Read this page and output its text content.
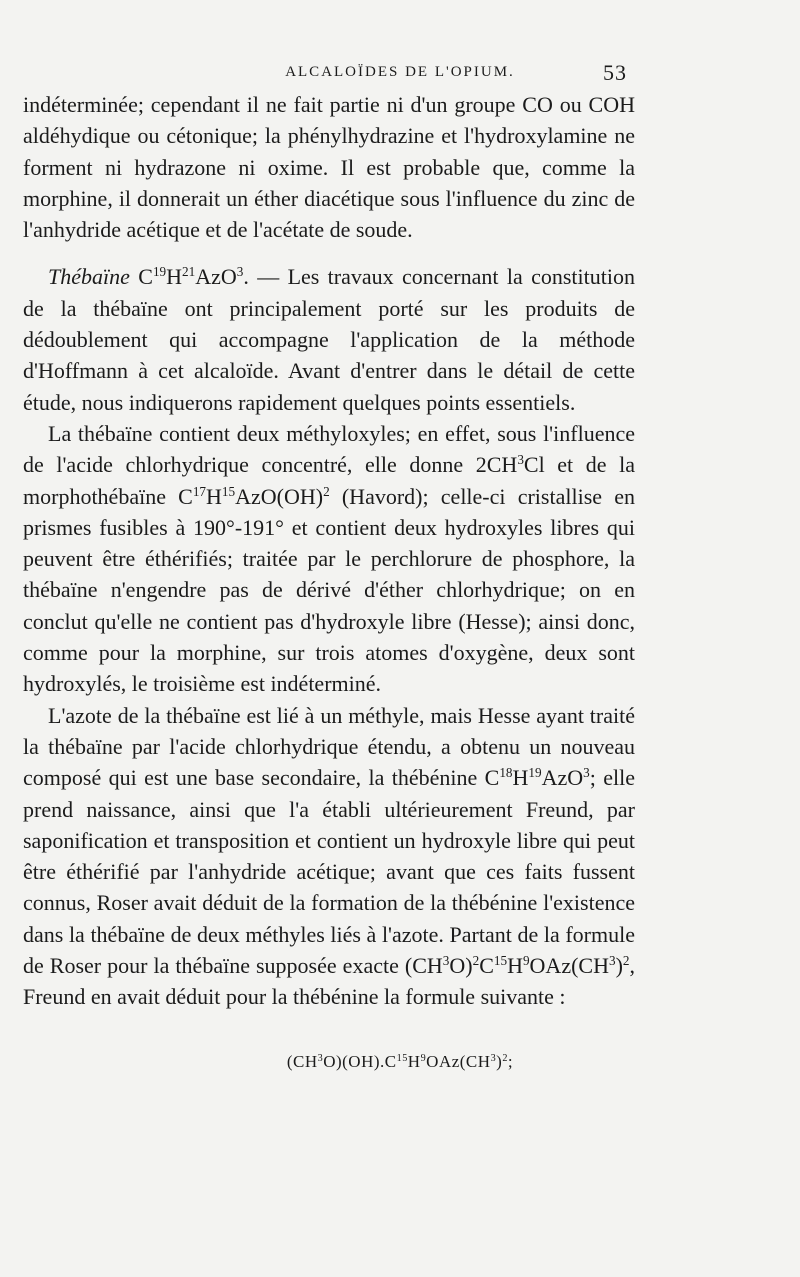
ALCALOÏDES DE L'OPIUM.	53

indéterminée; cependant il ne fait partie ni d'un groupe CO ou COH aldéhydique ou cétonique; la phénylhydrazine et l'hydroxylamine ne forment ni hydrazone ni oxime. Il est probable que, comme la morphine, il donnerait un éther diacétique sous l'influence du zinc de l'anhydride acétique et de l'acétate de soude.

Thébaïne $C^{19}H^{21}AzO^3$. — Les travaux concernant la constitution de la thébaïne ont principalement porté sur les produits de dédoublement qui accompagne l'application de la méthode d'Hoffmann à cet alcaloïde. Avant d'entrer dans le détail de cette étude, nous indiquerons rapidement quelques points essentiels.

La thébaïne contient deux méthyloxyles; en effet, sous l'influence de l'acide chlorhydrique concentré, elle donne $2CH^3Cl$ et de la morphothébaïne $C^{17}H^{15}AzO(OH)^2$ (Havord); celle-ci cristallise en prismes fusibles à 190°-191° et contient deux hydroxyles libres qui peuvent être éthérifiés; traitée par le perchlorure de phosphore, la thébaïne n'engendre pas de dérivé d'éther chlorhydrique; on en conclut qu'elle ne contient pas d'hydroxyle libre (Hesse); ainsi donc, comme pour la morphine, sur trois atomes d'oxygène, deux sont hydroxylés, le troisième est indéterminé.

L'azote de la thébaïne est lié à un méthyle, mais Hesse ayant traité la thébaïne par l'acide chlorhydrique étendu, a obtenu un nouveau composé qui est une base secondaire, la thébénine $C^{18}H^{19}AzO^3$; elle prend naissance, ainsi que l'a établi ultérieurement Freund, par saponification et transposition et contient un hydroxyle libre qui peut être éthérifié par l'anhydride acétique; avant que ces faits fussent connus, Roser avait déduit de la formation de la thébénine l'existence dans la thébaïne de deux méthyles liés à l'azote. Partant de la formule de Roser pour la thébaïne supposée exacte $(CH^3O)^2C^{15}H^9OAz(CH^3)^2$, Freund en avait déduit pour la thébénine la formule suivante :

$(CH^3O)(OH).C^{15}H^9OAz(CH^3)^2$;
